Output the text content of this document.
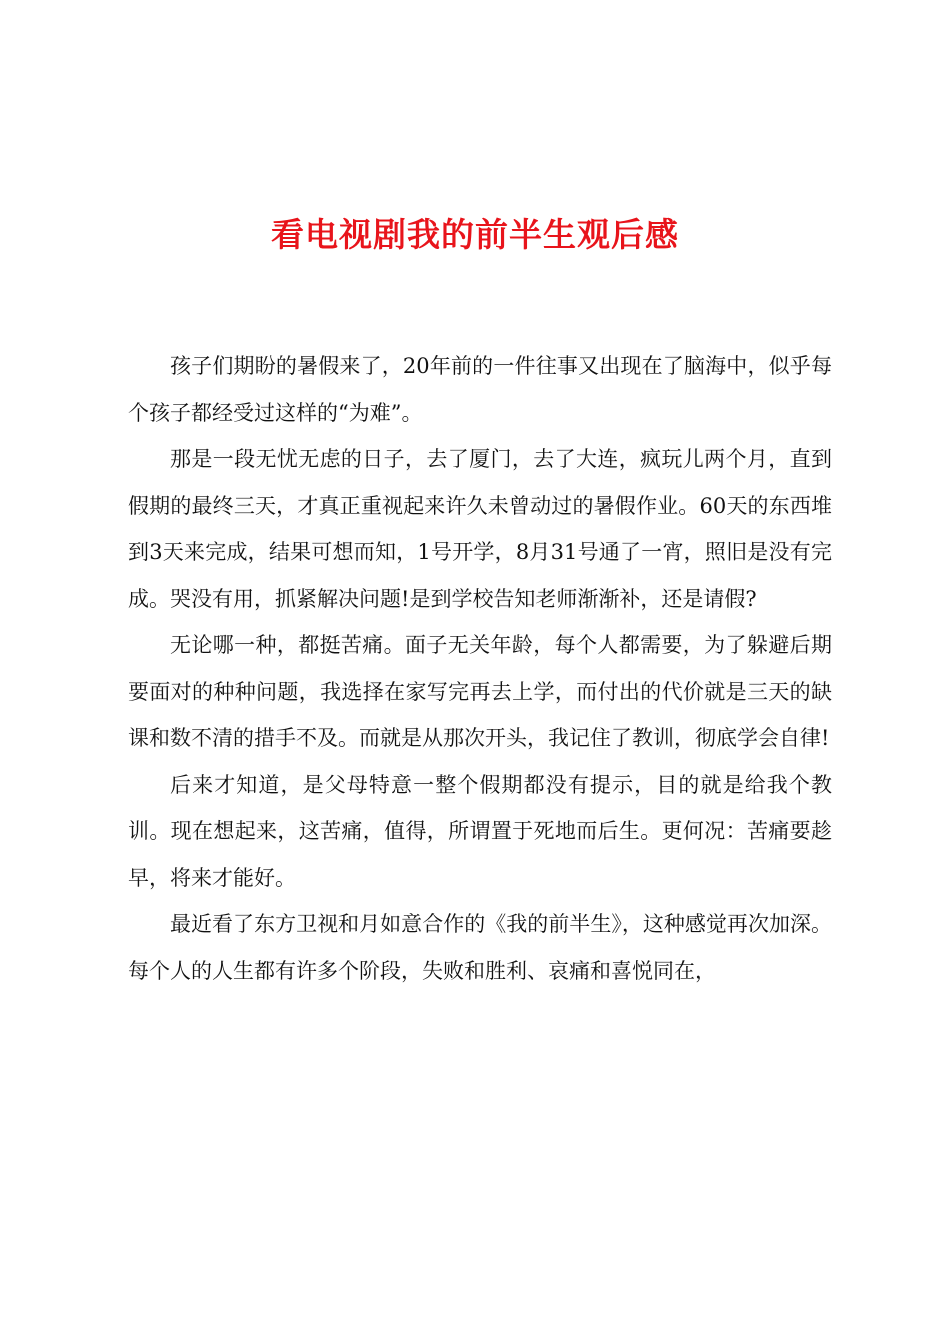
看电视剧我的前半生观后感

孩子们期盼的暑假来了，20年前的一件往事又出现在了脑海中，似乎每个孩子都经受过这样的“为难”。

那是一段无忧无虑的日子，去了厦门，去了大连，疯玩儿两个月，直到假期的最终三天，才真正重视起来许久未曾动过的暑假作业。60天的东西堆到3天来完成，结果可想而知，1号开学，8月31号通了一宵，照旧是没有完成。哭没有用，抓紧解决问题!是到学校告知老师渐渐补，还是请假?

无论哪一种，都挺苦痛。面子无关年龄，每个人都需要，为了躲避后期要面对的种种问题，我选择在家写完再去上学，而付出的代价就是三天的缺课和数不清的措手不及。而就是从那次开头，我记住了教训，彻底学会自律!

后来才知道，是父母特意一整个假期都没有提示，目的就是给我个教训。现在想起来，这苦痛，值得，所谓置于死地而后生。更何况：苦痛要趁早，将来才能好。

最近看了东方卫视和月如意合作的《我的前半生》，这种感觉再次加深。每个人的人生都有许多个阶段，失败和胜利、哀痛和喜悦同在，
